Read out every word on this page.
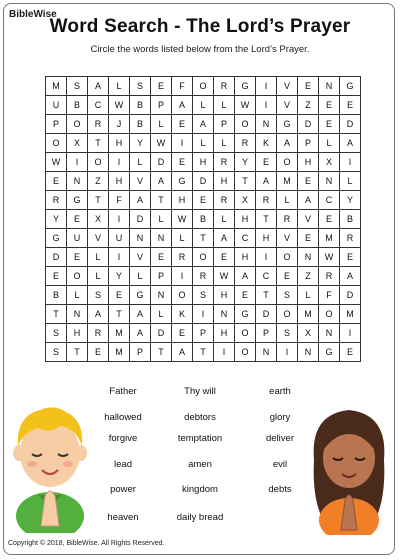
BibleWise
Word Search - The Lord’s Prayer
Circle the words listed below from the Lord’s Prayer.
M	S	A	L	S	E	F	O	R	G	I	V	E	N	G
U	B	C	W	B	P	A	L	L	W	I	V	Z	E	E
P	O	R	J	B	L	E	A	P	O	N	G	D	E	D
O	X	T	H	Y	W	I	L	L	R	K	A	P	L	A
W	I	O	I	L	D	E	H	R	Y	E	O	H	X	I
E	N	Z	H	V	A	G	D	H	T	A	M	E	N	L
R	G	T	F	A	T	H	E	R	X	R	L	A	C	Y
Y	E	X	I	D	L	W	B	L	H	T	R	V	E	B
G	U	V	U	N	N	L	T	A	C	H	V	E	M	R
D	E	L	I	V	E	R	O	E	H	I	O	N	W	E
E	O	L	Y	L	P	I	R	W	A	C	E	Z	R	A
B	L	S	E	G	N	O	S	H	E	T	S	L	F	D
T	N	A	T	A	L	K	I	N	G	D	O	M	O	M
S	H	R	M	A	D	E	P	H	O	P	S	X	N	I
S	T	E	M	P	T	A	T	I	O	N	I	N	G	E
Father	Thy will	earth
hallowed	debtors	glory
forgive	temptation	deliver
lead	amen	evil
power	kingdom	debts
heaven	daily bread
Copyright © 2018, BibleWise. All Rights Reserved.
